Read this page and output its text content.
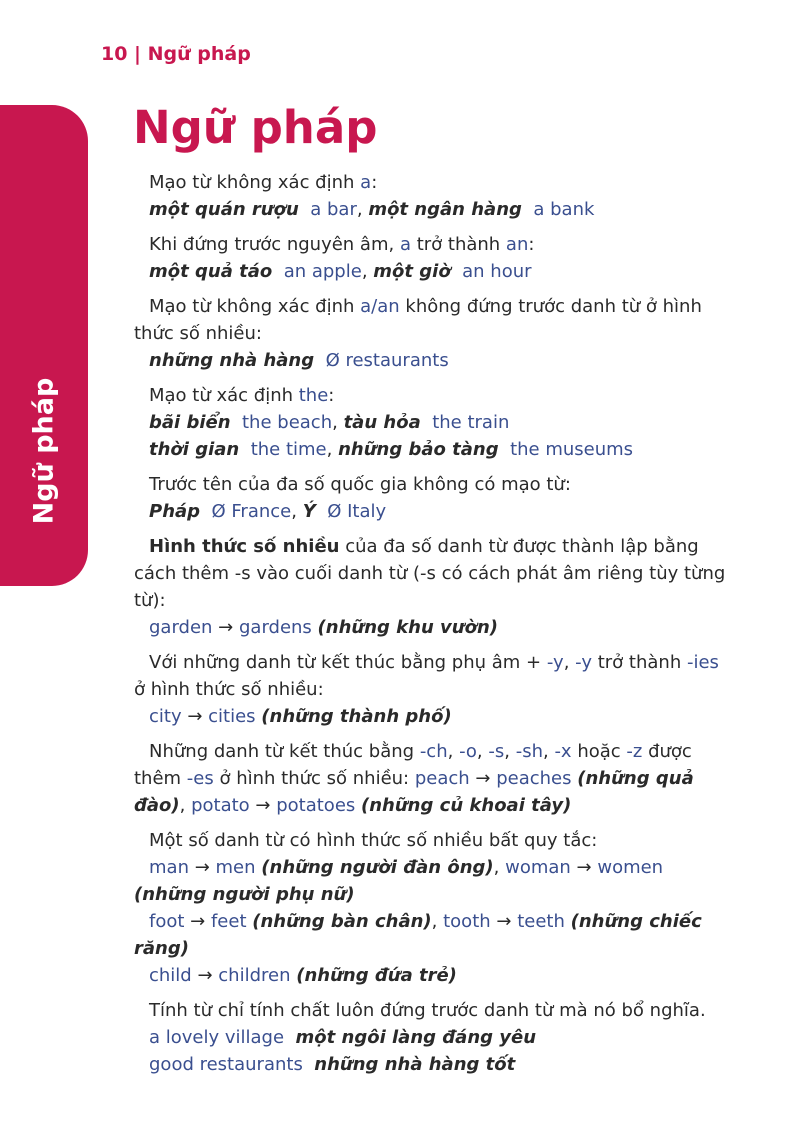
10 | Ngữ pháp
Ngữ pháp
Ngữ pháp
Mạo từ không xác định a:
một quán rượu a bar, một ngân hàng a bank
Khi đứng trước nguyên âm, a trở thành an:
một quả táo an apple, một giờ an hour
Mạo từ không xác định a/an không đứng trước danh từ ở hình thức số nhiều:
những nhà hàng Ø restaurants
Mạo từ xác định the:
bãi biển the beach, tàu hỏa the train
thời gian the time, những bảo tàng the museums
Trước tên của đa số quốc gia không có mạo từ:
Pháp Ø France, Ý Ø Italy
Hình thức số nhiều của đa số danh từ được thành lập bằng cách thêm -s vào cuối danh từ (-s có cách phát âm riêng tùy từng từ):
garden → gardens (những khu vườn)
Với những danh từ kết thúc bằng phụ âm + -y, -y trở thành -ies ở hình thức số nhiều:
city → cities (những thành phố)
Những danh từ kết thúc bằng -ch, -o, -s, -sh, -x hoặc -z được thêm -es ở hình thức số nhiều: peach → peaches (những quả đào), potato → potatoes (những củ khoai tây)
Một số danh từ có hình thức số nhiều bất quy tắc:
man → men (những người đàn ông), woman → women (những người phụ nữ)
foot → feet (những bàn chân), tooth → teeth (những chiếc răng)
child → children (những đứa trẻ)
Tính từ chỉ tính chất luôn đứng trước danh từ mà nó bổ nghĩa.
a lovely village một ngôi làng đáng yêu
good restaurants những nhà hàng tốt
